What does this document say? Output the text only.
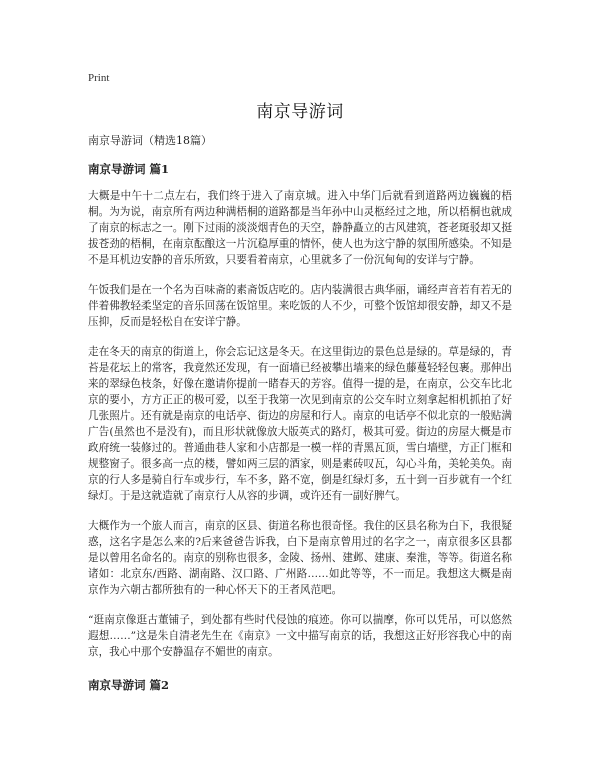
Print
南京导游词

南京导游词（精选18篇）

南京导游词 篇1

大概是中午十二点左右，我们终于进入了南京城。进入中华门后就看到道路两边巍巍的梧桐。为为说，南京所有两边种满梧桐的道路都是当年孙中山灵柩经过之地，所以梧桐也就成了南京的标志之一。刚下过雨的淡淡烟青色的天空，静静矗立的古风建筑，苍老斑驳却又挺拔苍劲的梧桐，在南京酝酿这一片沉稳厚重的情怀，使人也为这宁静的氛围所感染。不知是不是耳机边安静的音乐所致，只要看着南京，心里就多了一份沉甸甸的安详与宁静。

午饭我们是在一个名为百味斋的素斋饭店吃的。店内装满很古典华丽，诵经声音若有若无的伴着佛教轻柔坚定的音乐回荡在饭馆里。来吃饭的人不少，可整个饭馆却很安静，却又不是压抑，反而是轻松自在安详宁静。

走在冬天的南京的街道上，你会忘记这是冬天。在这里街边的景色总是绿的。草是绿的，青苔是花坛上的常客，我竟然还发现，有一面墙已经被攀出墙来的绿色藤蔓轻轻包裹。那伸出来的翠绿色枝条，好像在邀请你提前一睹春天的芳容。值得一提的是，在南京，公交车比北京的要小，方方正正的极可爱，以至于我第一次见到南京的公交车时立刻拿起相机抓拍了好几张照片。还有就是南京的电话亭、街边的房屋和行人。南京的电话亭不似北京的一般贴满广告(虽然也不是没有)，而且形状就像放大版英式的路灯，极其可爱。街边的房屋大概是市政府统一装修过的。普通曲巷人家和小店都是一模一样的青黑瓦顶，雪白墙壁，方正门框和规整窗子。很多高一点的楼，譬如两三层的酒家，则是素砖叹瓦，勾心斗角，美轮美奂。南京的行人多是骑自行车或步行，车不多，路不宽，倒是红绿灯多，五十到一百步就有一个红绿灯。于是这就造就了南京行人从容的步调，或许还有一副好脾气。

大概作为一个旅人而言，南京的区县、街道名称也很奇怪。我住的区县名称为白下，我很疑惑，这名字是怎么来的?后来爸爸告诉我，白下是南京曾用过的名字之一，南京很多区县都是以曾用名命名的。南京的别称也很多，金陵、扬州、建邺、建康、秦淮，等等。街道名称诸如：北京东/西路、湖南路、汉口路、广州路……如此等等，不一而足。我想这大概是南京作为六朝古都所独有的一种心怀天下的王者风范吧。

“逛南京像逛古董铺子，到处都有些时代侵蚀的痕迹。你可以揣摩，你可以凭吊，可以悠然遐想……”这是朱自清老先生在《南京》一文中描写南京的话，我想这正好形容我心中的南京，我心中那个安静温存不媚世的南京。

南京导游词 篇2
